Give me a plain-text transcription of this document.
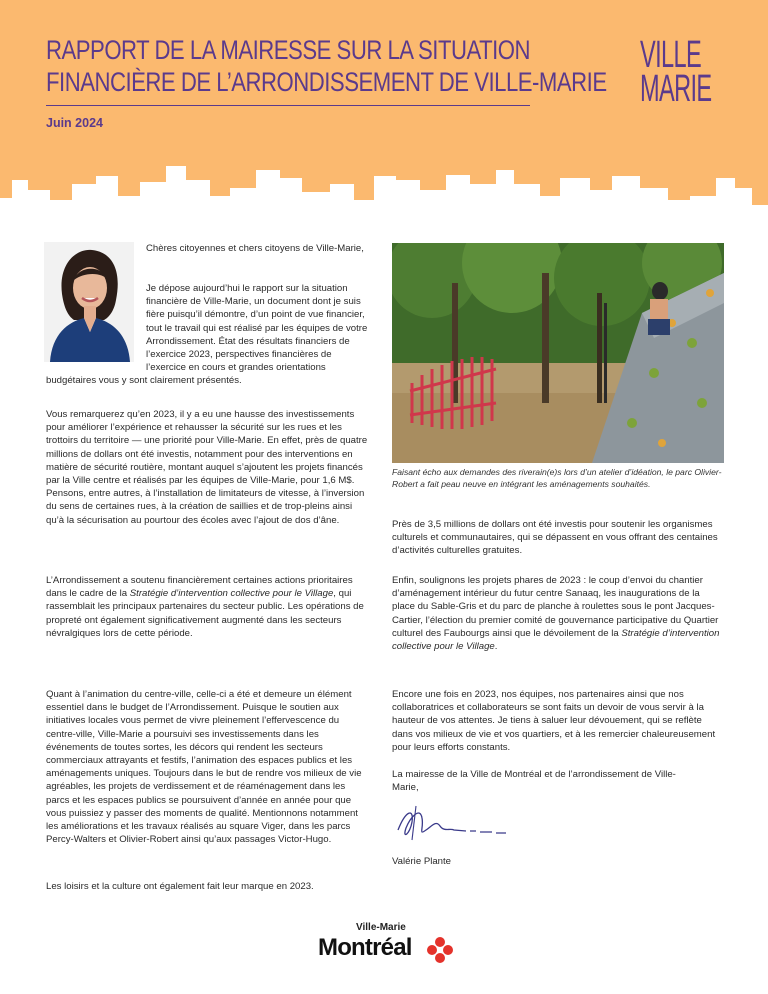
RAPPORT DE LA MAIRESSE SUR LA SITUATION
FINANCIÈRE DE L’ARRONDISSEMENT DE VILLE-MARIE
Juin 2024
VILLE
MARIE

Chères citoyennes et chers citoyens de Ville-Marie,

Je dépose aujourd’hui le rapport sur la situation financière de Ville-Marie, un document dont je suis fière puisqu’il démontre, d’un point de vue financier, tout le travail qui est réalisé par les équipes de votre Arrondissement. État des résultats financiers de l’exercice 2023, perspectives financières de l’exercice en cours et grandes orientations budgétaires vous y sont clairement présentés.

Vous remarquerez qu’en 2023, il y a eu une hausse des investissements pour améliorer l’expérience et rehausser la sécurité sur les rues et les trottoirs du territoire — une priorité pour Ville-Marie. En effet, près de quatre millions de dollars ont été investis, notamment pour des interventions en matière de sécurité routière, montant auquel s’ajoutent les projets financés par la Ville centre et réalisés par les équipes de Ville-Marie, pour 1,6 M$. Pensons, entre autres, à l’installation de limitateurs de vitesse, à l’inversion du sens de certaines rues, à la création de saillies et de trop-pleins ainsi qu’à la sécurisation au pourtour des écoles avec l’ajout de dos d’âne.

L’Arrondissement a soutenu financièrement certaines actions prioritaires dans le cadre de la Stratégie d’intervention collective pour le Village, qui rassemblait les principaux partenaires du secteur public. Les opérations de propreté ont également significativement augmenté dans les secteurs névralgiques lors de cette période.

Quant à l’animation du centre-ville, celle-ci a été et demeure un élément essentiel dans le budget de l’Arrondissement. Puisque le soutien aux initiatives locales vous permet de vivre pleinement l’effervescence du centre-ville, Ville-Marie a poursuivi ses investissements dans les événements de toutes sortes, les décors qui rendent les secteurs commerciaux attrayants et festifs, l’animation des espaces publics et les aménagements uniques. Toujours dans le but de rendre vos milieux de vie agréables, les projets de verdissement et de réaménagement dans les parcs et les espaces publics se poursuivent d’année en année pour que vous puissiez y passer des moments de qualité. Mentionnons notamment les améliorations et les travaux réalisés au square Viger, dans les parcs Percy-Walters et Olivier-Robert ainsi qu’aux passages Victor-Hugo.

Les loisirs et la culture ont également fait leur marque en 2023.

Faisant écho aux demandes des riverain(e)s lors d’un atelier d’idéation, le parc Olivier-Robert a fait peau neuve en intégrant les aménagements souhaités.

Près de 3,5 millions de dollars ont été investis pour soutenir les organismes culturels et communautaires, qui se dépassent en vous offrant des centaines d’activités culturelles gratuites.

Enfin, soulignons les projets phares de 2023 : le coup d’envoi du chantier d’aménagement intérieur du futur centre Sanaaq, les inaugurations de la place du Sable-Gris et du parc de planche à roulettes sous le pont Jacques-Cartier, l’élection du premier comité de gouvernance participative du Quartier culturel des Faubourgs ainsi que le dévoilement de la Stratégie d’intervention collective pour le Village.

Encore une fois en 2023, nos équipes, nos partenaires ainsi que nos collaboratrices et collaborateurs se sont faits un devoir de vous servir à la hauteur de vos attentes. Je tiens à saluer leur dévouement, qui se reflète dans vos milieux de vie et vos quartiers, et à les remercier chaleureusement pour leurs efforts constants.

La mairesse de la Ville de Montréal et de l’arrondissement de Ville-Marie,

Valérie Plante

Ville-Marie
Montréal
